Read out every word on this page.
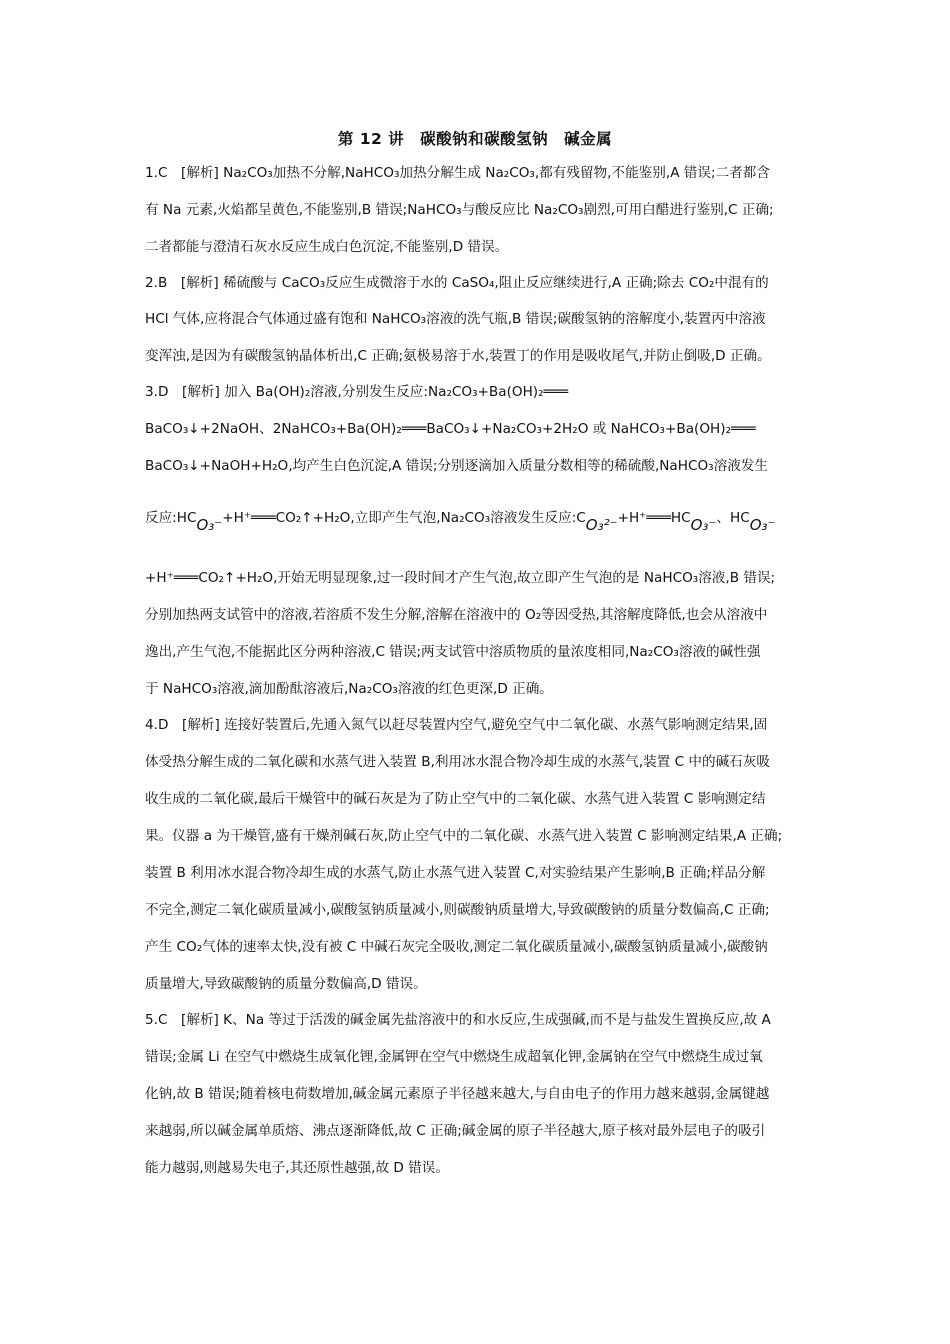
第 12 讲　碳酸钠和碳酸氢钠　碱金属
1.C　[解析] Na₂CO₃加热不分解,NaHCO₃加热分解生成 Na₂CO₃,都有残留物,不能鉴别,A 错误;二者都含
有 Na 元素,火焰都呈黄色,不能鉴别,B 错误;NaHCO₃与酸反应比 Na₂CO₃剧烈,可用白醋进行鉴别,C 正确;
二者都能与澄清石灰水反应生成白色沉淀,不能鉴别,D 错误。
2.B　[解析] 稀硫酸与 CaCO₃反应生成微溶于水的 CaSO₄,阻止反应继续进行,A 正确;除去 CO₂中混有的
HCl 气体,应将混合气体通过盛有饱和 NaHCO₃溶液的洗气瓶,B 错误;碳酸氢钠的溶解度小,装置丙中溶液
变浑浊,是因为有碳酸氢钠晶体析出,C 正确;氨极易溶于水,装置丁的作用是吸收尾气,并防止倒吸,D 正确。
3.D　[解析] 加入 Ba(OH)₂溶液,分别发生反应:Na₂CO₃+Ba(OH)₂═══
BaCO₃↓+2NaOH、2NaHCO₃+Ba(OH)₂═══BaCO₃↓+Na₂CO₃+2H₂O 或 NaHCO₃+Ba(OH)₂═══
BaCO₃↓+NaOH+H₂O,均产生白色沉淀,A 错误;分别逐滴加入质量分数相等的稀硫酸,NaHCO₃溶液发生
反应:HCO₃⁻+H⁺═══CO₂↑+H₂O,立即产生气泡,Na₂CO₃溶液发生反应:CO₃²⁻+H⁺═══HCO₃⁻、HCO₃⁻
+H⁺═══CO₂↑+H₂O,开始无明显现象,过一段时间才产生气泡,故立即产生气泡的是 NaHCO₃溶液,B 错误;
分别加热两支试管中的溶液,若溶质不发生分解,溶解在溶液中的 O₂等因受热,其溶解度降低,也会从溶液中
逸出,产生气泡,不能据此区分两种溶液,C 错误;两支试管中溶质物质的量浓度相同,Na₂CO₃溶液的碱性强
于 NaHCO₃溶液,滴加酚酞溶液后,Na₂CO₃溶液的红色更深,D 正确。
4.D　[解析] 连接好装置后,先通入氮气以赶尽装置内空气,避免空气中二氧化碳、水蒸气影响测定结果,固
体受热分解生成的二氧化碳和水蒸气进入装置 B,利用冰水混合物冷却生成的水蒸气,装置 C 中的碱石灰吸
收生成的二氧化碳,最后干燥管中的碱石灰是为了防止空气中的二氧化碳、水蒸气进入装置 C 影响测定结
果。仪器 a 为干燥管,盛有干燥剂碱石灰,防止空气中的二氧化碳、水蒸气进入装置 C 影响测定结果,A 正确;
装置 B 利用冰水混合物冷却生成的水蒸气,防止水蒸气进入装置 C,对实验结果产生影响,B 正确;样品分解
不完全,测定二氧化碳质量减小,碳酸氢钠质量减小,则碳酸钠质量增大,导致碳酸钠的质量分数偏高,C 正确;
产生 CO₂气体的速率太快,没有被 C 中碱石灰完全吸收,测定二氧化碳质量减小,碳酸氢钠质量减小,碳酸钠
质量增大,导致碳酸钠的质量分数偏高,D 错误。
5.C　[解析] K、Na 等过于活泼的碱金属先盐溶液中的和水反应,生成强碱,而不是与盐发生置换反应,故 A
错误;金属 Li 在空气中燃烧生成氧化锂,金属钾在空气中燃烧生成超氧化钾,金属钠在空气中燃烧生成过氧
化钠,故 B 错误;随着核电荷数增加,碱金属元素原子半径越来越大,与自由电子的作用力越来越弱,金属键越
来越弱,所以碱金属单质熔、沸点逐渐降低,故 C 正确;碱金属的原子半径越大,原子核对最外层电子的吸引
能力越弱,则越易失电子,其还原性越强,故 D 错误。
